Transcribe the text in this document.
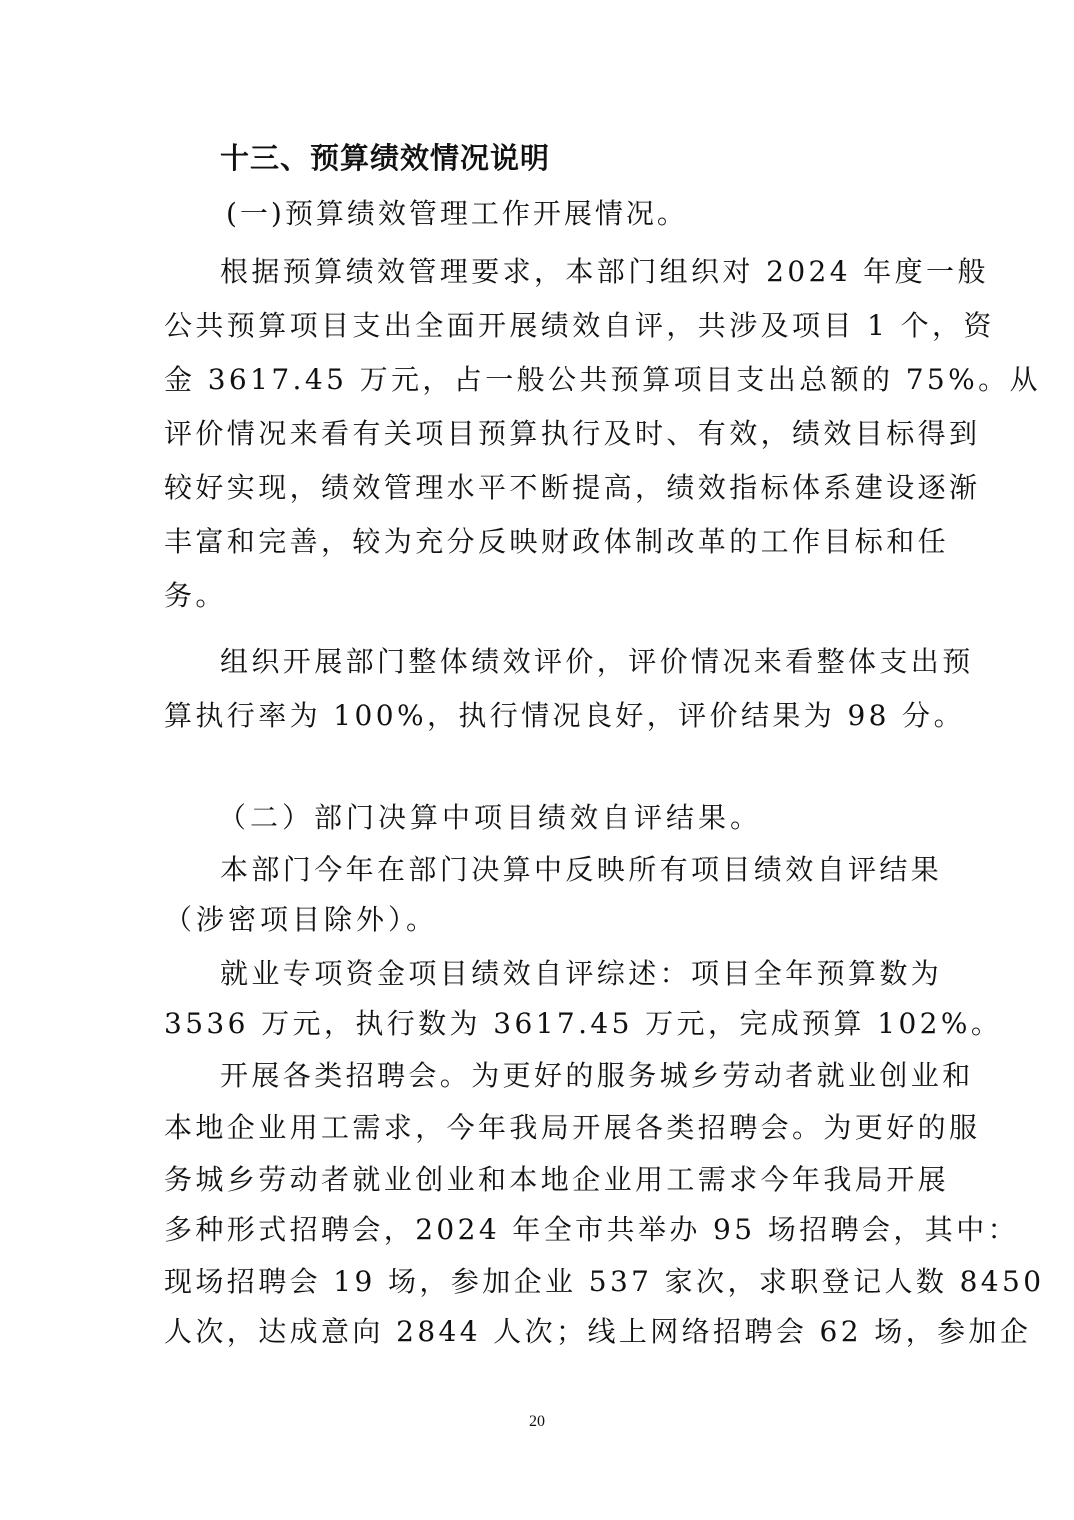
十三、预算绩效情况说明
(一)预算绩效管理工作开展情况。
根据预算绩效管理要求，本部门组织对 2024 年度一般
公共预算项目支出全面开展绩效自评，共涉及项目 1 个，资
金 3617.45 万元，占一般公共预算项目支出总额的 75%。从
评价情况来看有关项目预算执行及时、有效，绩效目标得到
较好实现，绩效管理水平不断提高，绩效指标体系建设逐渐
丰富和完善，较为充分反映财政体制改革的工作目标和任
务。
组织开展部门整体绩效评价，评价情况来看整体支出预
算执行率为 100%，执行情况良好，评价结果为 98 分。
（二）部门决算中项目绩效自评结果。
本部门今年在部门决算中反映所有项目绩效自评结果
（涉密项目除外）。
就业专项资金项目绩效自评综述：项目全年预算数为
3536 万元，执行数为 3617.45 万元，完成预算 102%。
开展各类招聘会。为更好的服务城乡劳动者就业创业和
本地企业用工需求，今年我局开展各类招聘会。为更好的服
务城乡劳动者就业创业和本地企业用工需求今年我局开展
多种形式招聘会，2024 年全市共举办 95 场招聘会，其中：
现场招聘会 19 场，参加企业 537 家次，求职登记人数 8450
人次，达成意向 2844 人次；线上网络招聘会 62 场，参加企
20
